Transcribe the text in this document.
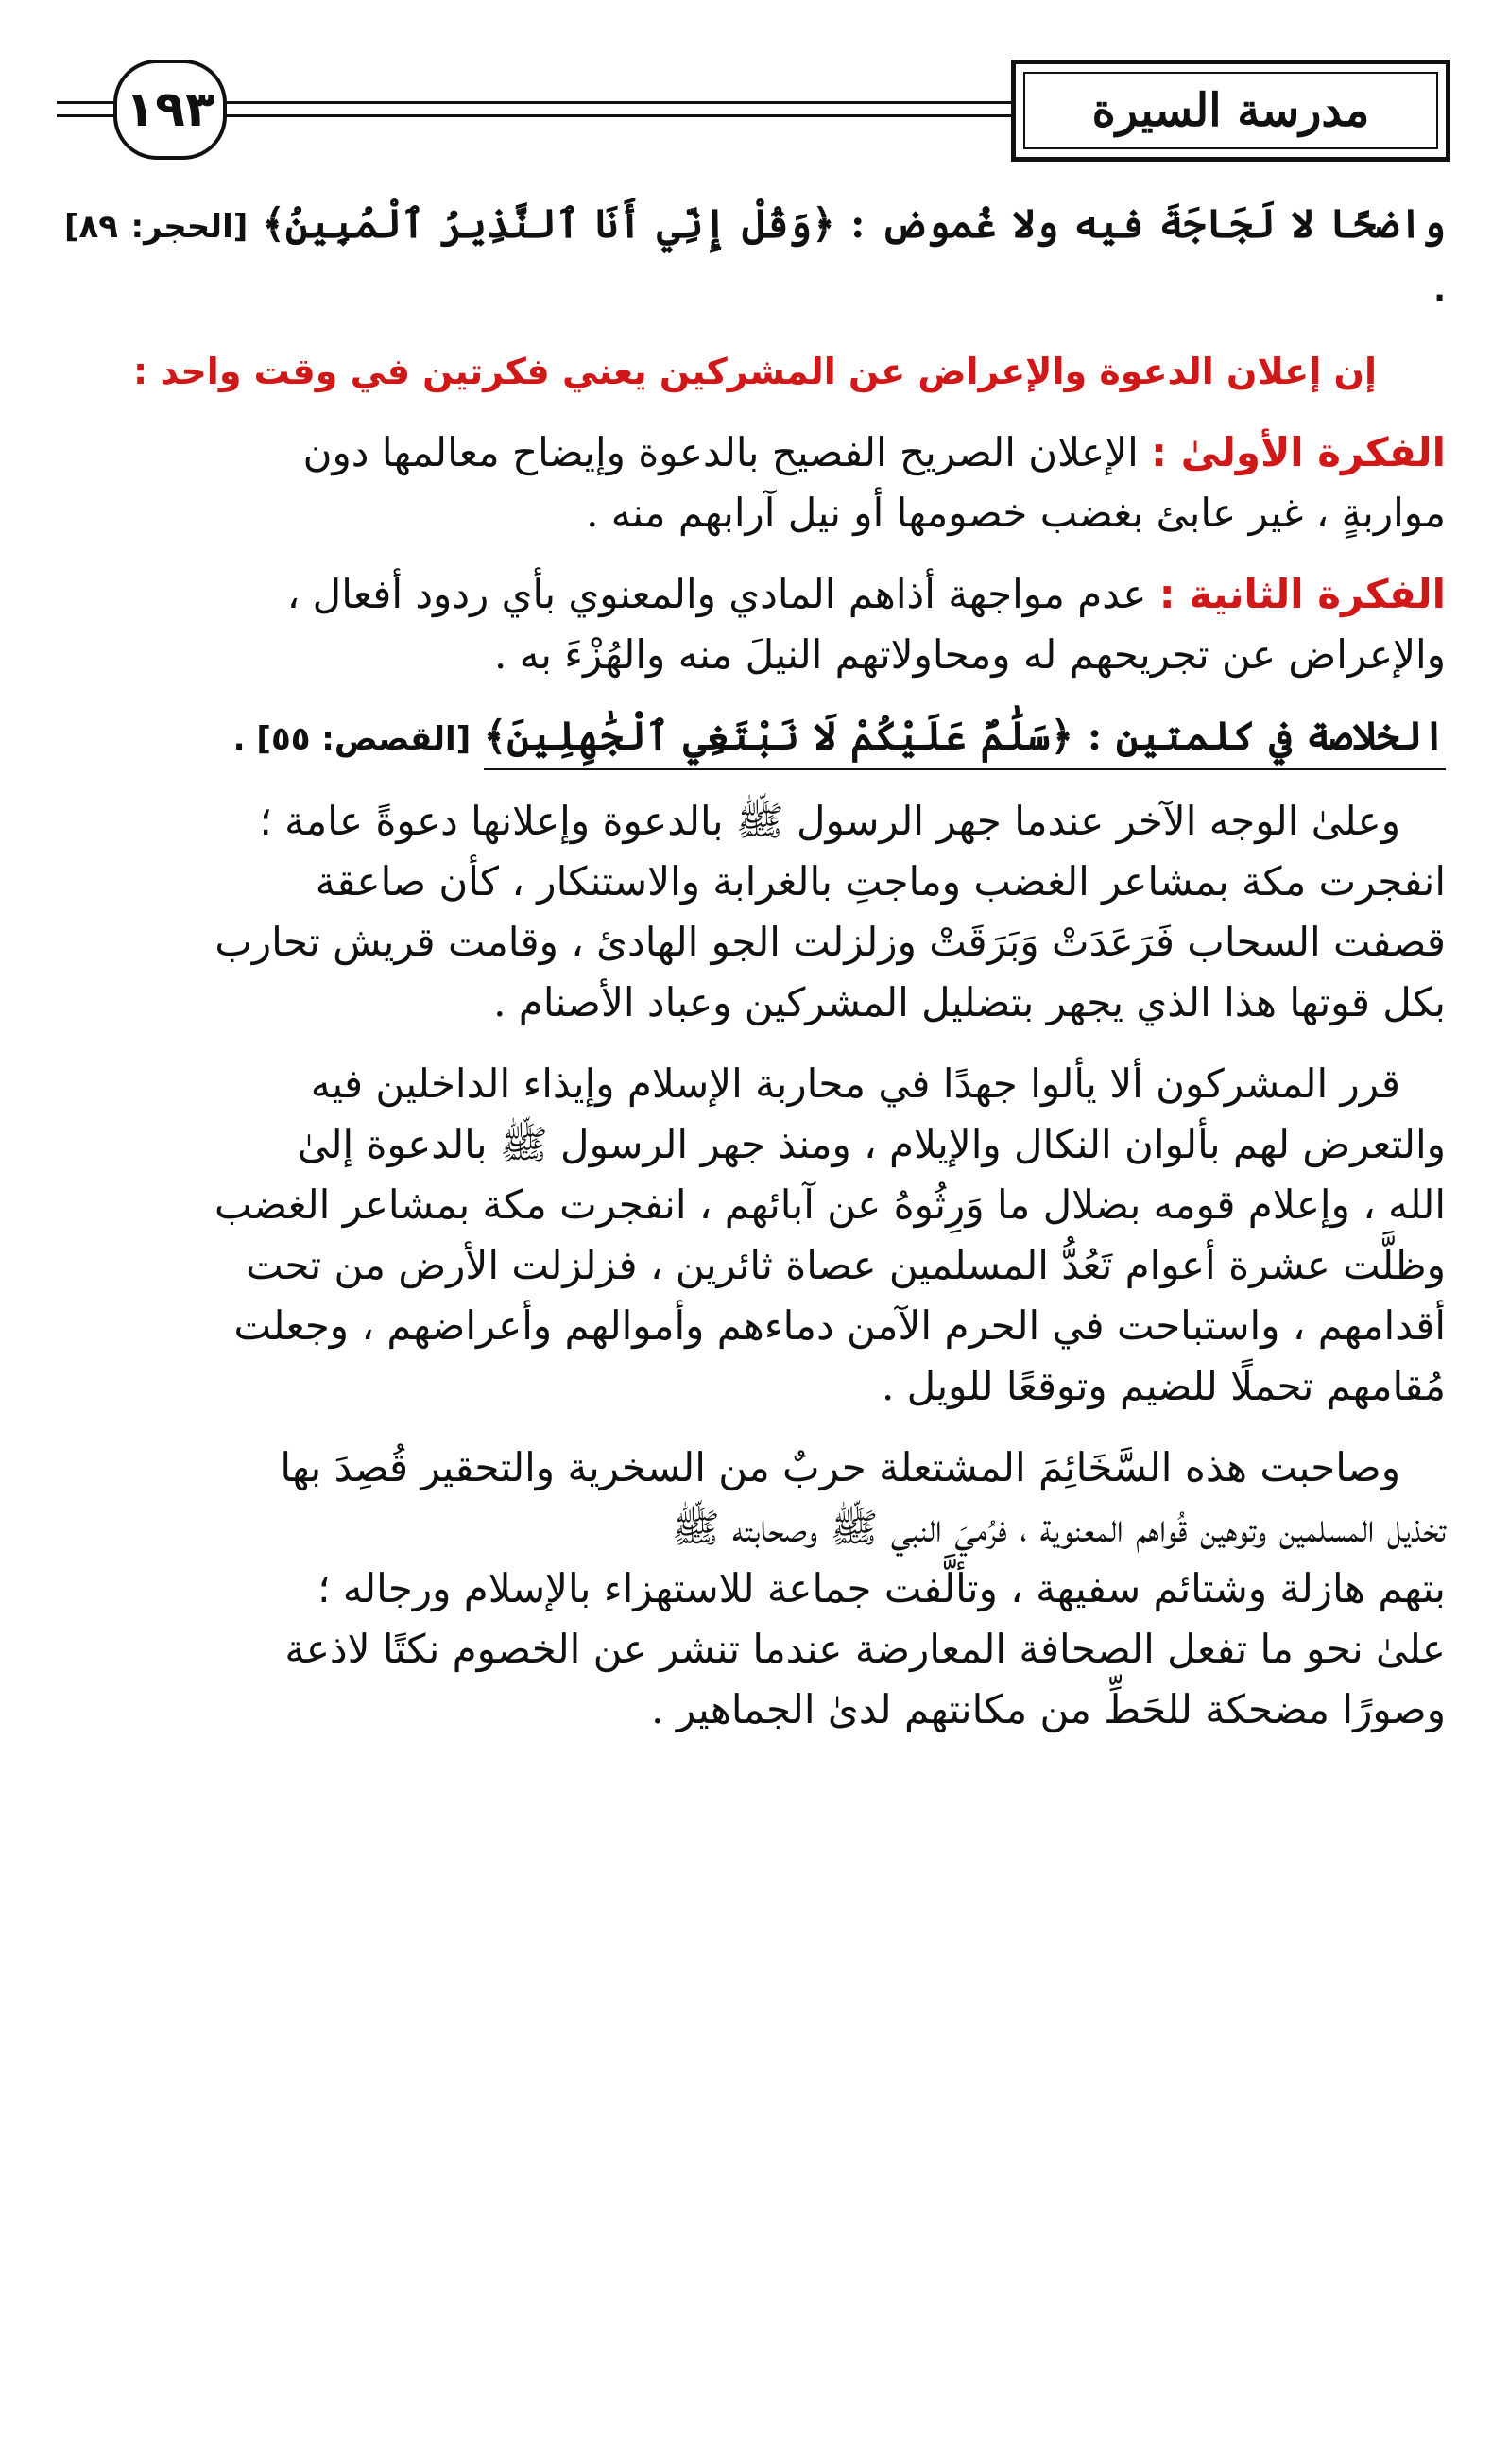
١٩٣	مدرسة السيرة

واضحًا لا لَجَاجَةَ فيه ولا غُموض : ﴿وَقُلْ إِنِّي أَنَا ٱلنَّذِيرُ ٱلْمُبِينُ﴾ [الحجر: ٨٩] .

إن إعلان الدعوة والإعراض عن المشركين يعني فكرتين في وقت واحد :

الفكرة الأولىٰ : الإعلان الصريح الفصيح بالدعوة وإيضاح معالمها دون

مواربةٍ ، غير عابئ بغضب خصومها أو نيل آرابهم منه .

الفكرة الثانية : عدم مواجهة أذاهم المادي والمعنوي بأي ردود أفعال ،

والإعراض عن تجريحهم له ومحاولاتهم النيلَ منه والهُزْءَ به .

الخلاصة في كلمتين : ﴿سَلَٰمٌ عَلَيْكُمْ لَا نَبْتَغِي ٱلْجَٰهِلِينَ﴾ [القصص: ٥٥] .

وعلىٰ الوجه الآخر عندما جهر الرسول ﷺ بالدعوة وإعلانها دعوةً عامة ؛

انفجرت مكة بمشاعر الغضب وماجتِ بالغرابة والاستنكار ، كأن صاعقة

قصفت السحاب فَرَعَدَتْ وَبَرَقَتْ وزلزلت الجو الهادئ ، وقامت قريش تحارب

بكل قوتها هذا الذي يجهر بتضليل المشركين وعباد الأصنام .

قرر المشركون ألا يألوا جهدًا في محاربة الإسلام وإيذاء الداخلين فيه

والتعرض لهم بألوان النكال والإيلام ، ومنذ جهر الرسول ﷺ بالدعوة إلىٰ

الله ، وإعلام قومه بضلال ما وَرِثُوهُ عن آبائهم ، انفجرت مكة بمشاعر الغضب

وظلَّت عشرة أعوام تَعُدُّ المسلمين عصاة ثائرين ، فزلزلت الأرض من تحت

أقدامهم ، واستباحت في الحرم الآمن دماءهم وأموالهم وأعراضهم ، وجعلت

مُقامهم تحملًا للضيم وتوقعًا للويل .

وصاحبت هذه السَّخَائِمَ المشتعلة حربٌ من السخرية والتحقير قُصِدَ بها

تخذيل المسلمين وتوهين قُواهم المعنوية ، فرُميَ النبي ﷺ وصحابته ﷺ

بتهم هازلة وشتائم سفيهة ، وتألَّفت جماعة للاستهزاء بالإسلام ورجاله ؛

علىٰ نحو ما تفعل الصحافة المعارضة عندما تنشر عن الخصوم نكتًا لاذعة

وصورًا مضحكة للحَطِّ من مكانتهم لدىٰ الجماهير .
